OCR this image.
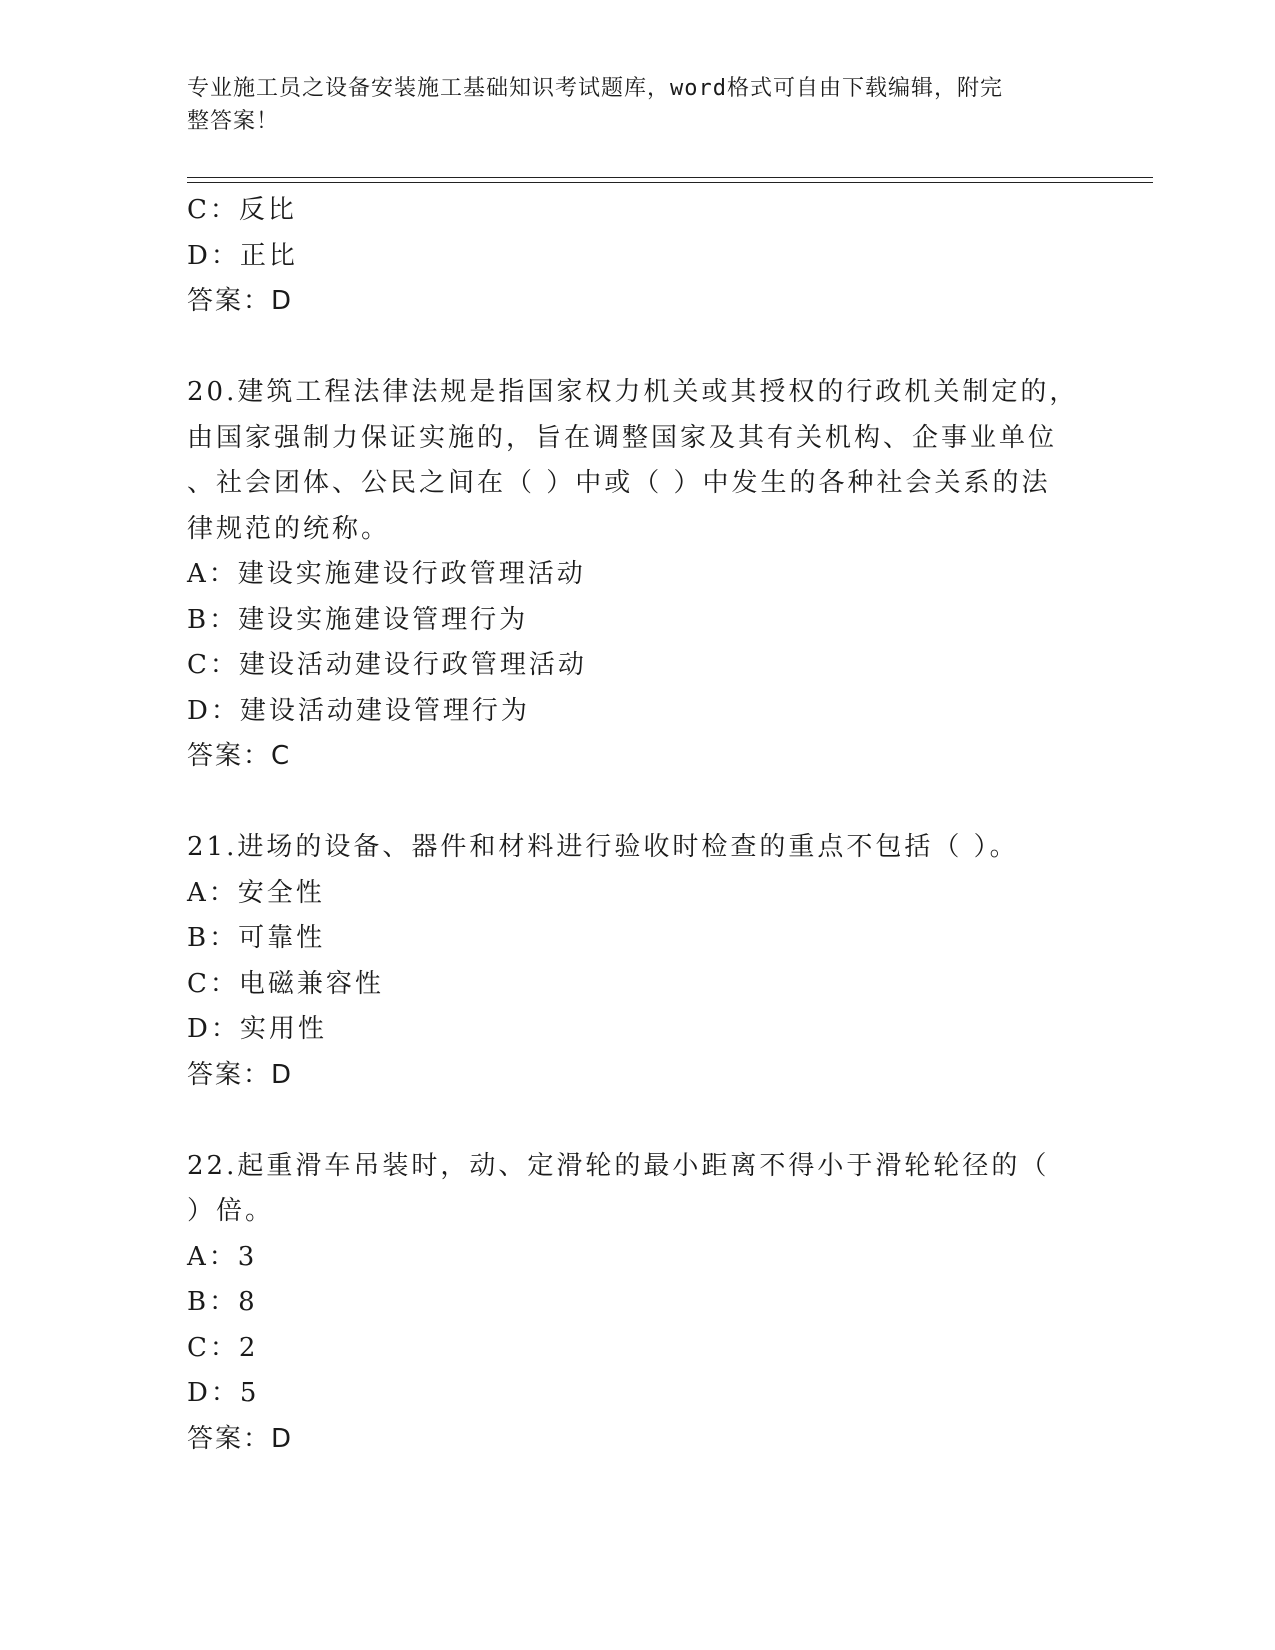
专业施工员之设备安装施工基础知识考试题库，word格式可自由下载编辑，附完
整答案！
C：反比
D：正比
答案：D
20.建筑工程法律法规是指国家权力机关或其授权的行政机关制定的，
由国家强制力保证实施的，旨在调整国家及其有关机构、企事业单位
、社会团体、公民之间在（ ）中或（ ）中发生的各种社会关系的法
律规范的统称。
A：建设实施建设行政管理活动
B：建设实施建设管理行为
C：建设活动建设行政管理活动
D：建设活动建设管理行为
答案：C
21.进场的设备、器件和材料进行验收时检查的重点不包括（ ）。
A：安全性
B：可靠性
C：电磁兼容性
D：实用性
答案：D
22.起重滑车吊装时，动、定滑轮的最小距离不得小于滑轮轮径的（
）倍。
A：3
B：8
C：2
D：5
答案：D
